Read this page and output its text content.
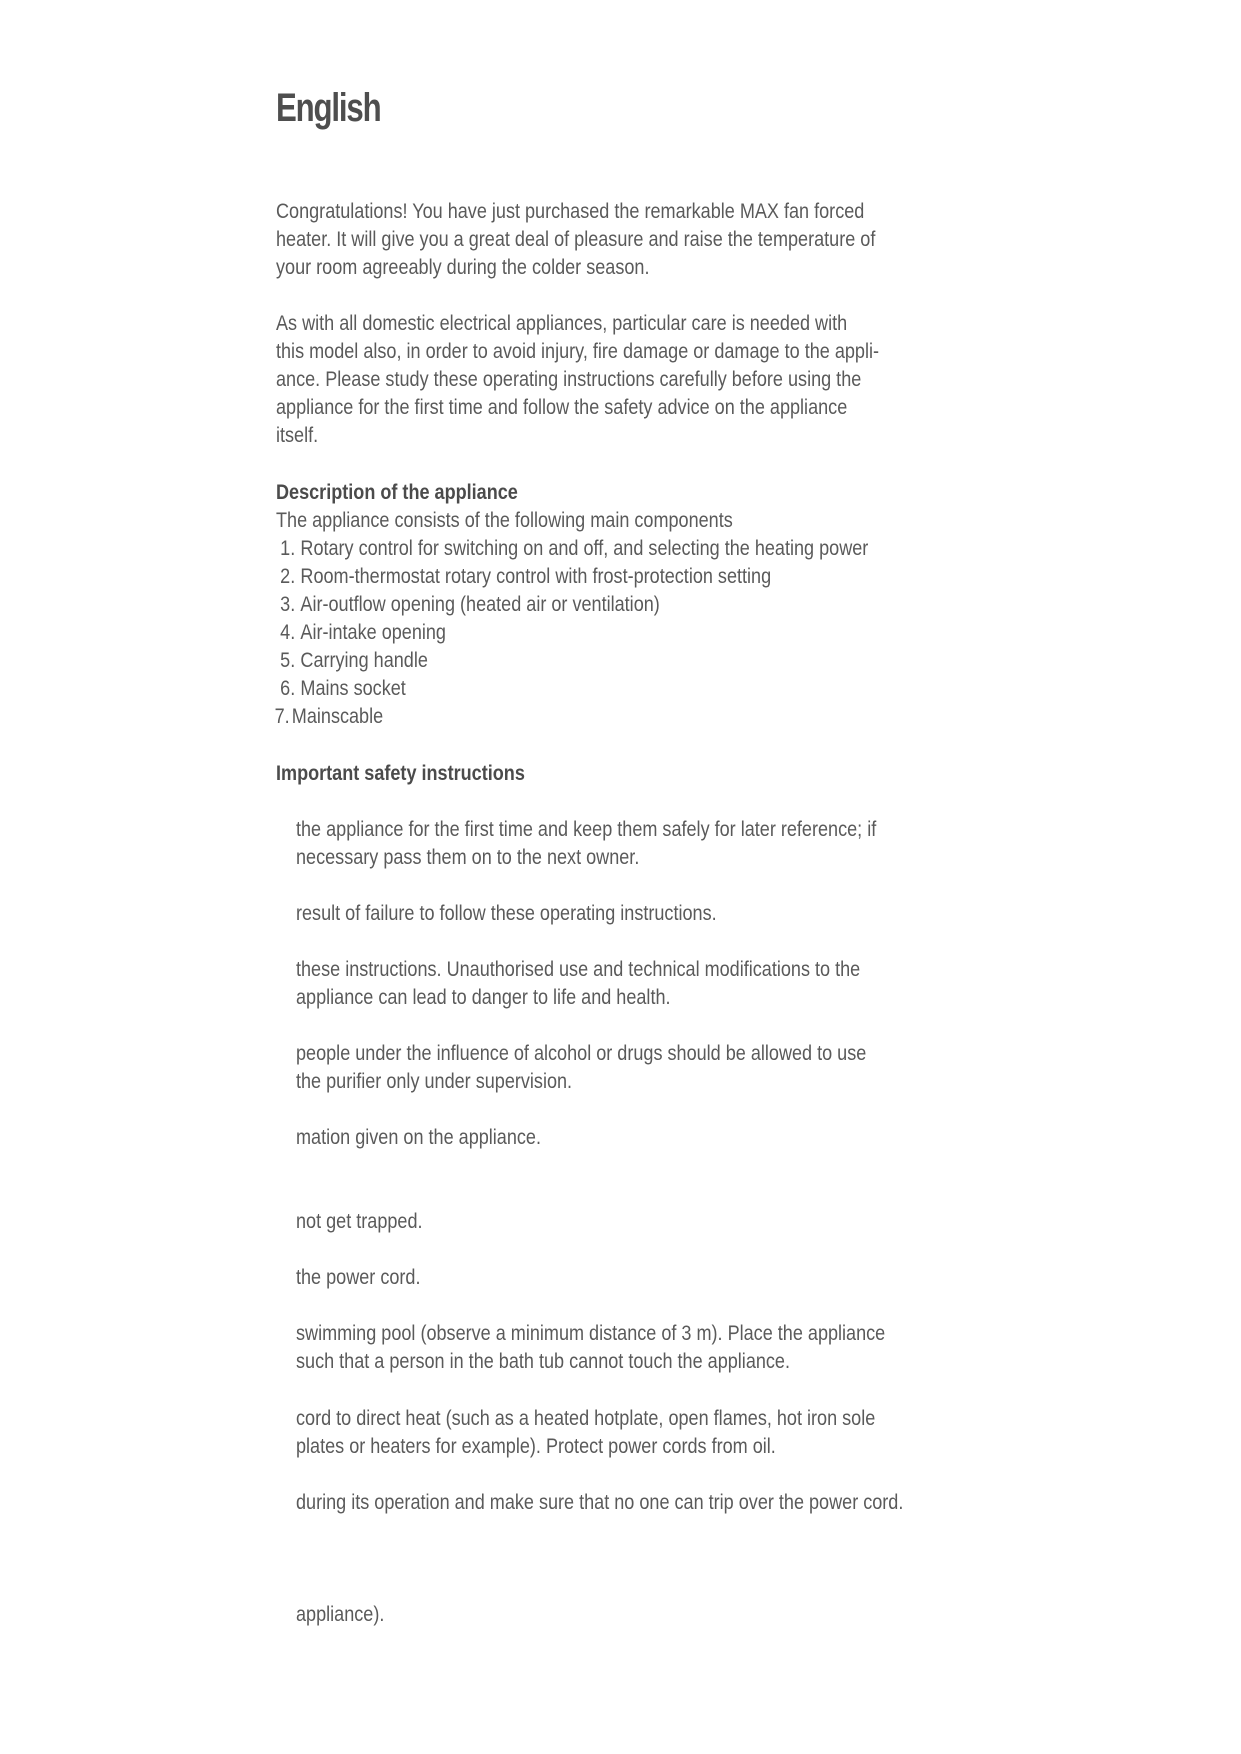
English

Congratulations! You have just purchased the remarkable MAX fan forced
heater. It will give you a great deal of pleasure and raise the temperature of
your room agreeably during the colder season.

As with all domestic electrical appliances, particular care is needed with
this model also, in order to avoid injury, fire damage or damage to the appli-
ance. Please study these operating instructions carefully before using the
appliance for the first time and follow the safety advice on the appliance
itself.

Description of the appliance

The appliance consists of the following main components

1. Rotary control for switching on and off, and selecting the heating power
2. Room-thermostat rotary control with frost-protection setting
3. Air-outflow opening (heated air or ventilation)
4. Air-intake opening
5. Carrying handle
6. Mains socket
7. Mainscable
Important safety instructions

the appliance for the first time and keep them safely for later reference; if
necessary pass them on to the next owner.

result of failure to follow these operating instructions.

these instructions. Unauthorised use and technical modifications to the
appliance can lead to danger to life and health.

people under the influence of alcohol or drugs should be allowed to use
the purifier only under supervision.

mation given on the appliance.

not get trapped.

the power cord.

swimming pool (observe a minimum distance of 3 m). Place the appliance
such that a person in the bath tub cannot touch the appliance.

cord to direct heat (such as a heated hotplate, open flames, hot iron sole
plates or heaters for example). Protect power cords from oil.

during its operation and make sure that no one can trip over the power cord.

appliance).
